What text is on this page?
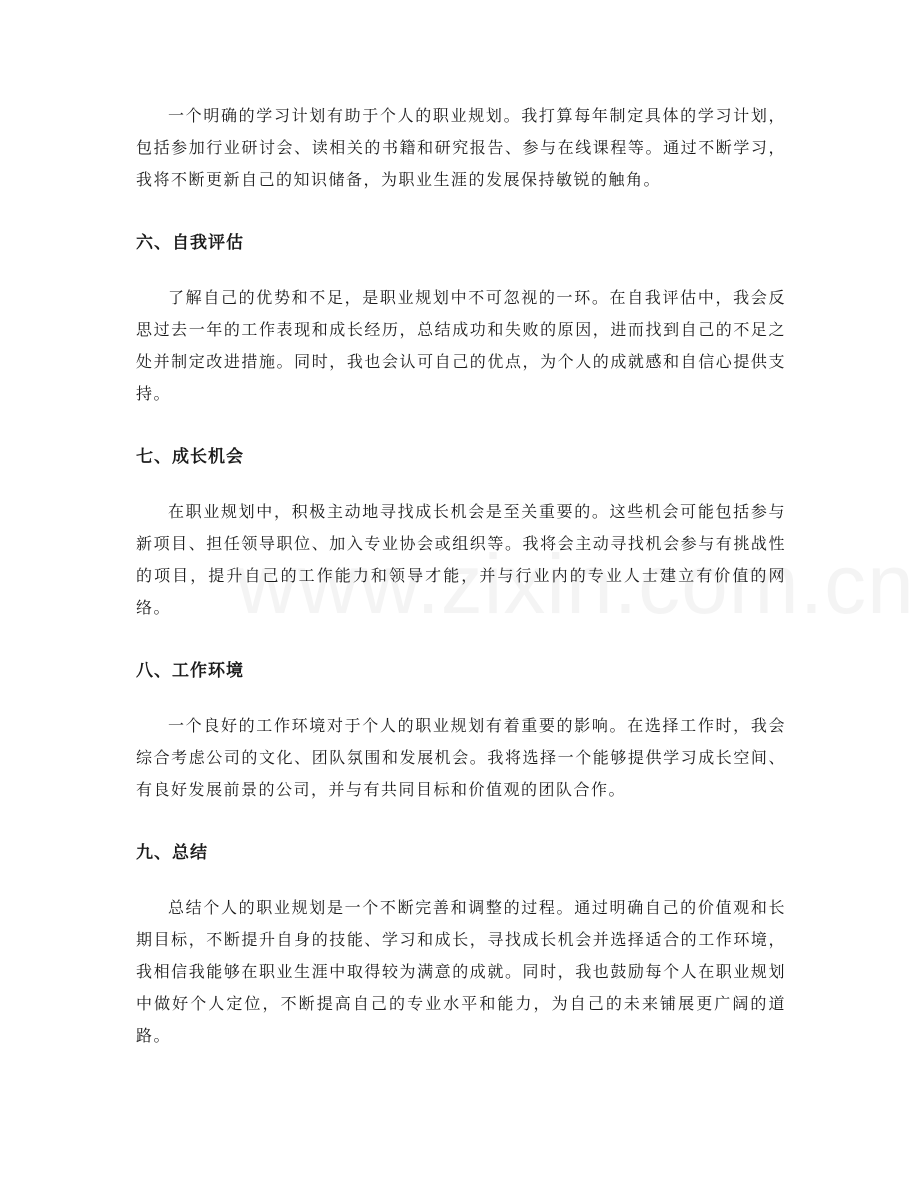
一个明确的学习计划有助于个人的职业规划。我打算每年制定具体的学习计划，包括参加行业研讨会、读相关的书籍和研究报告、参与在线课程等。通过不断学习，我将不断更新自己的知识储备，为职业生涯的发展保持敏锐的触角。

六、自我评估

了解自己的优势和不足，是职业规划中不可忽视的一环。在自我评估中，我会反思过去一年的工作表现和成长经历，总结成功和失败的原因，进而找到自己的不足之处并制定改进措施。同时，我也会认可自己的优点，为个人的成就感和自信心提供支持。

七、成长机会

在职业规划中，积极主动地寻找成长机会是至关重要的。这些机会可能包括参与新项目、担任领导职位、加入专业协会或组织等。我将会主动寻找机会参与有挑战性的项目，提升自己的工作能力和领导才能，并与行业内的专业人士建立有价值的网络。

八、工作环境

一个良好的工作环境对于个人的职业规划有着重要的影响。在选择工作时，我会综合考虑公司的文化、团队氛围和发展机会。我将选择一个能够提供学习成长空间、有良好发展前景的公司，并与有共同目标和价值观的团队合作。

九、总结

总结个人的职业规划是一个不断完善和调整的过程。通过明确自己的价值观和长期目标，不断提升自身的技能、学习和成长，寻找成长机会并选择适合的工作环境，我相信我能够在职业生涯中取得较为满意的成就。同时，我也鼓励每个人在职业规划中做好个人定位，不断提高自己的专业水平和能力，为自己的未来铺展更广阔的道路。
